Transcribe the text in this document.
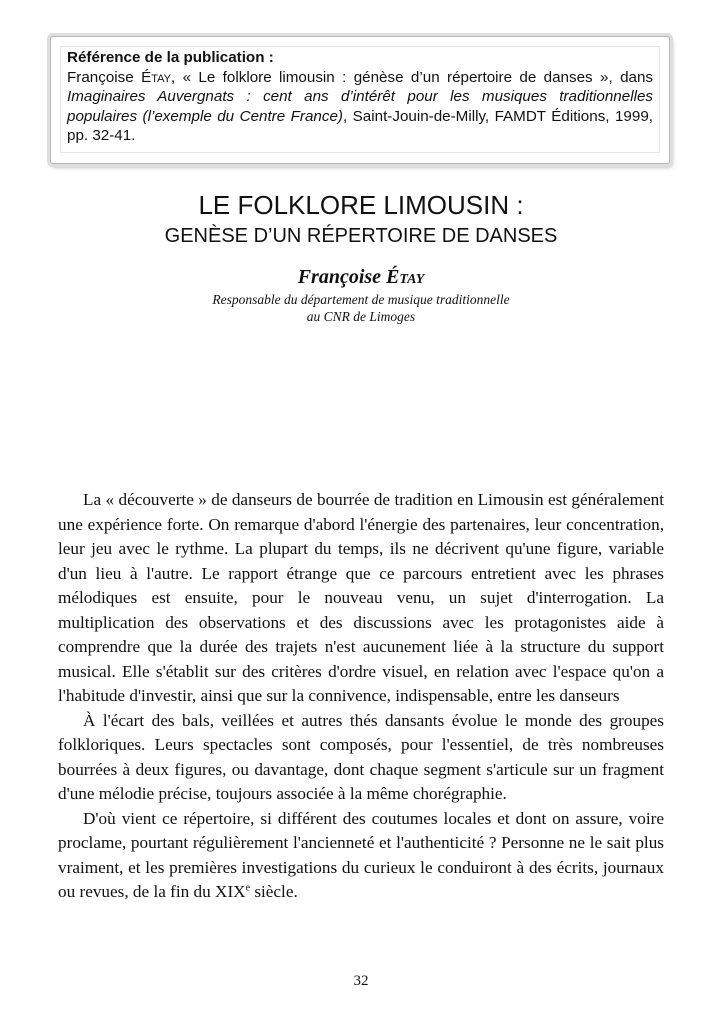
Référence de la publication :
Françoise Étay, « Le folklore limousin : génèse d’un répertoire de danses », dans Imaginaires Auvergnats : cent ans d’intérêt pour les musiques traditionnelles populaires (l’exemple du Centre France), Saint-Jouin-de-Milly, FAMDT Éditions, 1999, pp. 32-41.
LE FOLKLORE LIMOUSIN :
GENÈSE D’UN RÉPERTOIRE DE DANSES
Françoise Étay
Responsable du département de musique traditionnelle
au CNR de Limoges

La « découverte » de danseurs de bourrée de tradition en Limousin est généralement une expérience forte. On remarque d'abord l'énergie des partenaires, leur concentration, leur jeu avec le rythme. La plupart du temps, ils ne décrivent qu'une figure, variable d'un lieu à l'autre. Le rapport étrange que ce parcours entretient avec les phrases mélodiques est ensuite, pour le nouveau venu, un sujet d'interrogation. La multiplication des observations et des discussions avec les protagonistes aide à comprendre que la durée des trajets n'est aucunement liée à la structure du support musical. Elle s'établit sur des critères d'ordre visuel, en relation avec l'espace qu'on a l'habitude d'investir, ainsi que sur la connivence, indispensable, entre les danseurs

À l'écart des bals, veillées et autres thés dansants évolue le monde des groupes folkloriques. Leurs spectacles sont composés, pour l'essentiel, de très nombreuses bourrées à deux figures, ou davantage, dont chaque segment s'articule sur un fragment d'une mélodie précise, toujours associée à la même chorégraphie.

D'où vient ce répertoire, si différent des coutumes locales et dont on assure, voire proclame, pourtant régulièrement l'ancienneté et l'authenticité ? Personne ne le sait plus vraiment, et les premières investigations du curieux le conduiront à des écrits, journaux ou revues, de la fin du XIXe siècle.

32
